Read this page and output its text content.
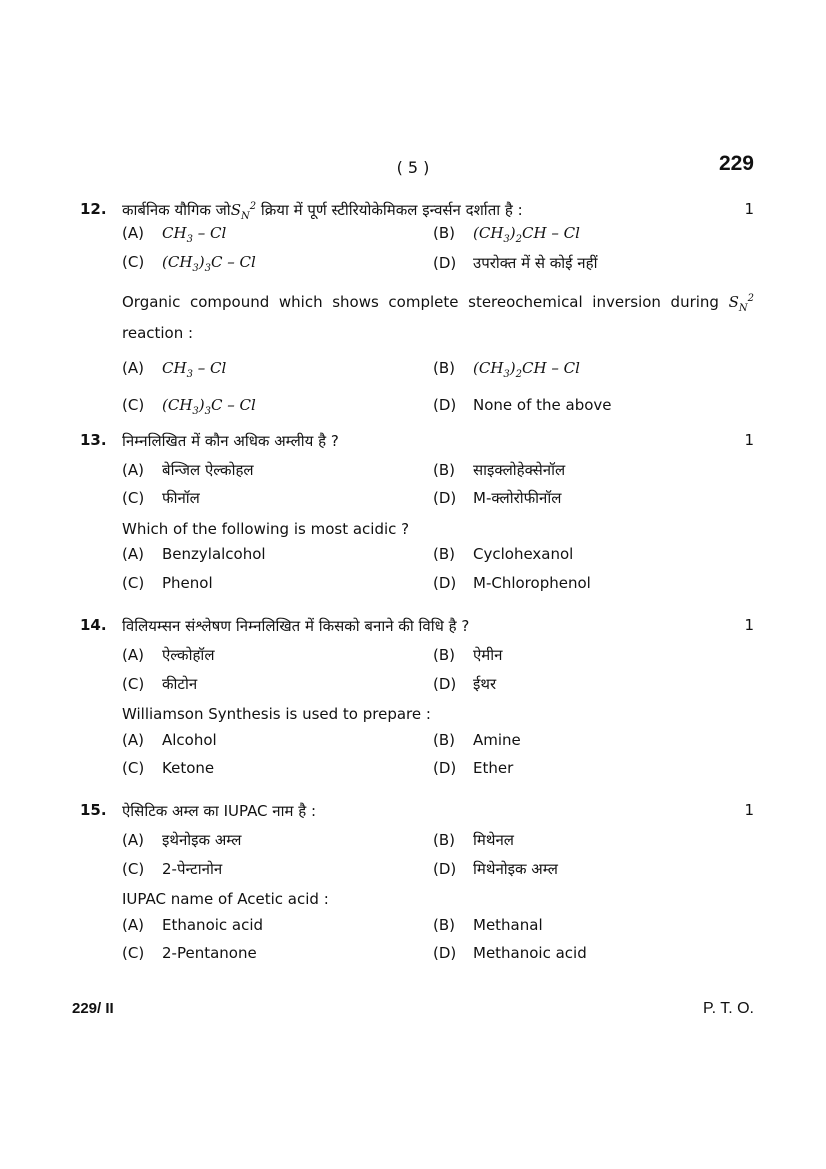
( 5 )	229
12. कार्बनिक यौगिक $जोS_N^2$ क्रिया में पूर्ण स्टीरियोकेमिकल इन्वर्सन दर्शाता है :	1
(A) $CH_3$ – Cl	(B) $(CH_3)_2CH$ – Cl
(C) $(CH_3)_3C$ – Cl	(D) उपरोक्त में से कोई नहीं
Organic compound which shows complete stereochemical inversion during $S_N^2$ reaction :
(A) $CH_3$ – Cl	(B) $(CH_3)_2CH$ – Cl
(C) $(CH_3)_3C$ – Cl	(D) None of the above
13. निम्नलिखित में कौन अधिक अम्लीय है ?	1
(A) बेन्जिल ऐल्कोहल	(B) साइक्लोहेक्सेनॉल
(C) फीनॉल	(D) M-क्लोरोफीनॉल
Which of the following is most acidic ?
(A) Benzylalcohol	(B) Cyclohexanol
(C) Phenol	(D) M-Chlorophenol
14. विलियम्सन संश्लेषण निम्नलिखित में किसको बनाने की विधि है ?	1
(A) ऐल्कोहॉल	(B) ऐमीन
(C) कीटोन	(D) ईथर
Williamson Synthesis is used to prepare :
(A) Alcohol	(B) Amine
(C) Ketone	(D) Ether
15. ऐसिटिक अम्ल का IUPAC नाम है :	1
(A) इथेनोइक अम्ल	(B) मिथेनल
(C) 2-पेन्टानोन	(D) मिथेनोइक अम्ल
IUPAC name of Acetic acid :
(A) Ethanoic acid	(B) Methanal
(C) 2-Pentanone	(D) Methanoic acid
229/ II	P. T. O.
